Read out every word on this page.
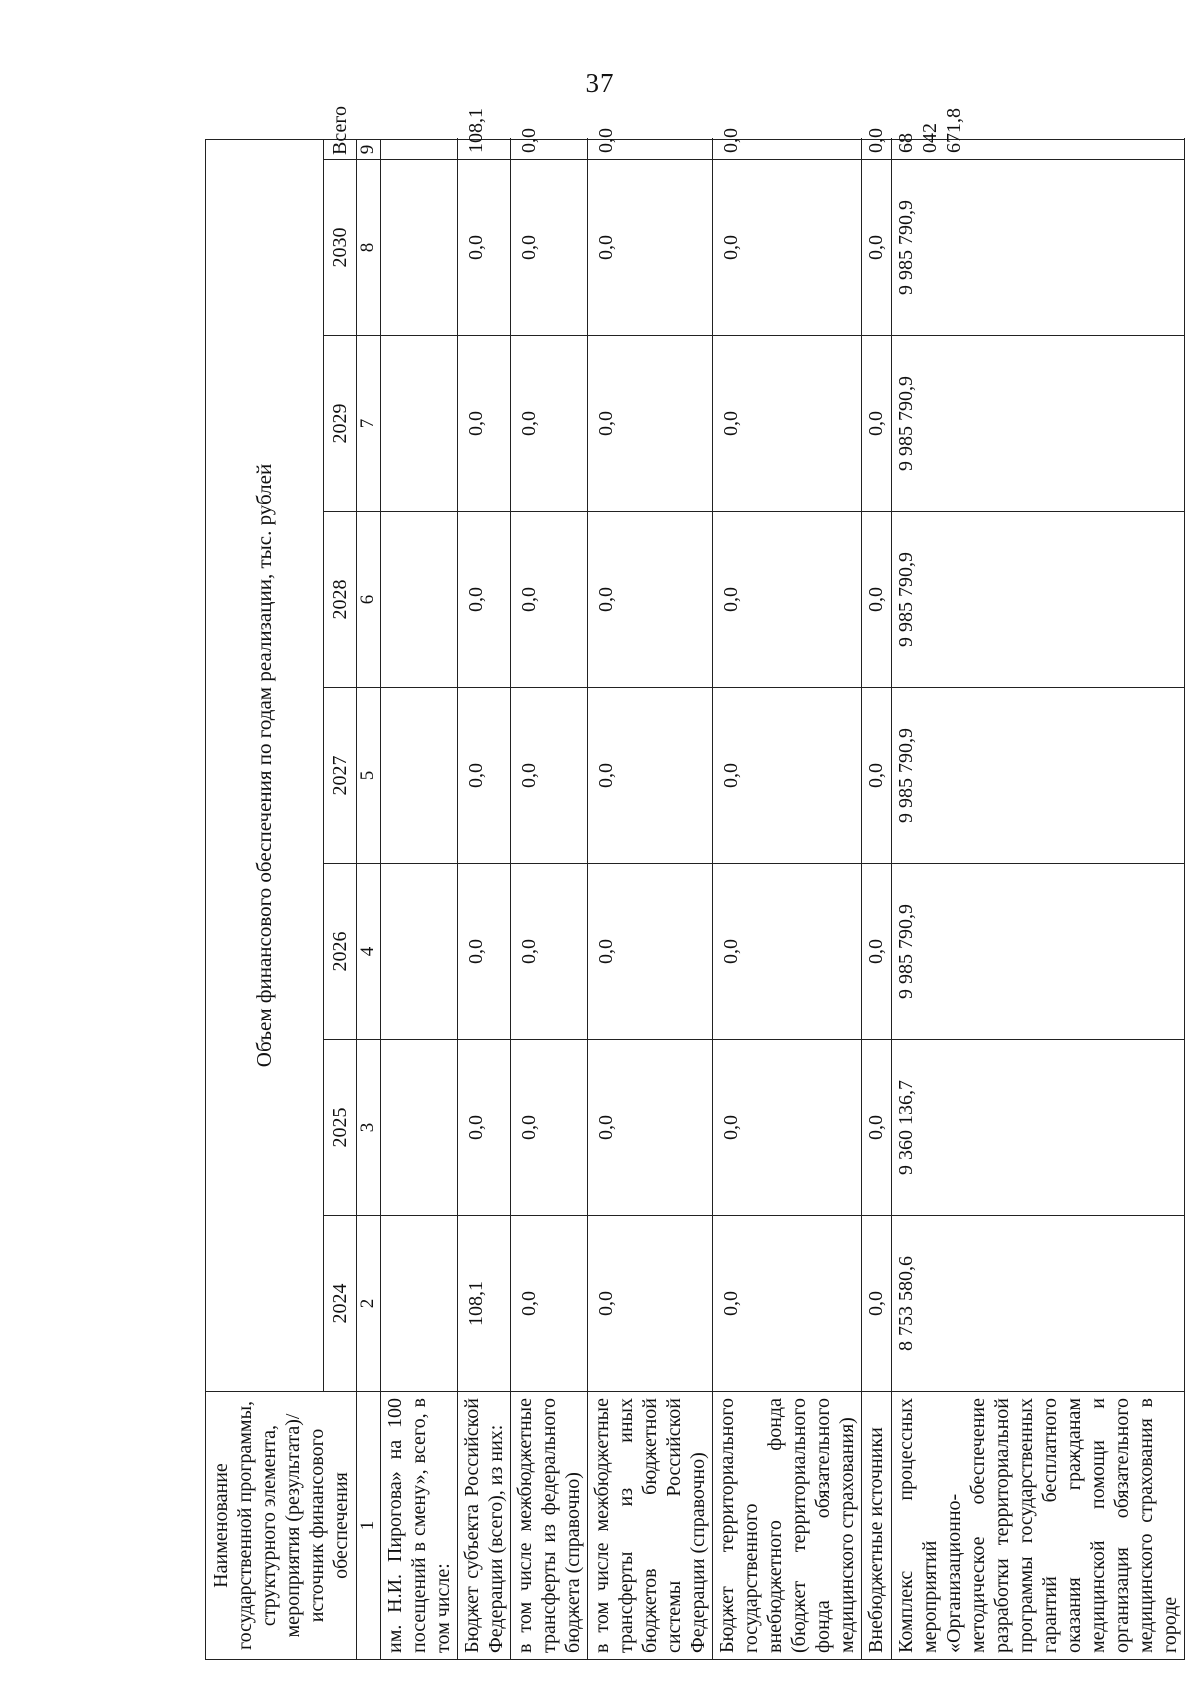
37
Наименование государственной программы, структурного элемента, мероприятия (результата)/источник финансового обеспечения	Объем финансового обеспечения по годам реализации, тыс. рублей							
	2024	2025	2026	2027	2028	2029	2030	Всего
1	2	3	4	5	6	7	8	9
им. Н.И. Пирогова» на 100 посещений в смену», всего, в том числе:								
Бюджет субъекта Российской Федерации (всего), из них:	108,1	0,0	0,0	0,0	0,0	0,0	0,0	108,1
в том числе межбюджетные трансферты из федерального бюджета (справочно)	0,0	0,0	0,0	0,0	0,0	0,0	0,0	0,0
в том числе межбюджетные трансферты из иных бюджетов бюджетной системы Российской Федерации (справочно)	0,0	0,0	0,0	0,0	0,0	0,0	0,0	0,0
Бюджет территориального государственного внебюджетного фонда (бюджет территориального фонда обязательного медицинского страхования)	0,0	0,0	0,0	0,0	0,0	0,0	0,0	0,0
Внебюджетные источники	0,0	0,0	0,0	0,0	0,0	0,0	0,0	0,0
Комплекс процессных мероприятий «Организационно-методическое обеспечение разработки территориальной программы государственных гарантий бесплатного оказания гражданам медицинской помощи и организация обязательного медицинского страхования в городе	8 753 580,6	9 360 136,7	9 985 790,9	9 985 790,9	9 985 790,9	9 985 790,9	9 985 790,9	68 042 671,8
